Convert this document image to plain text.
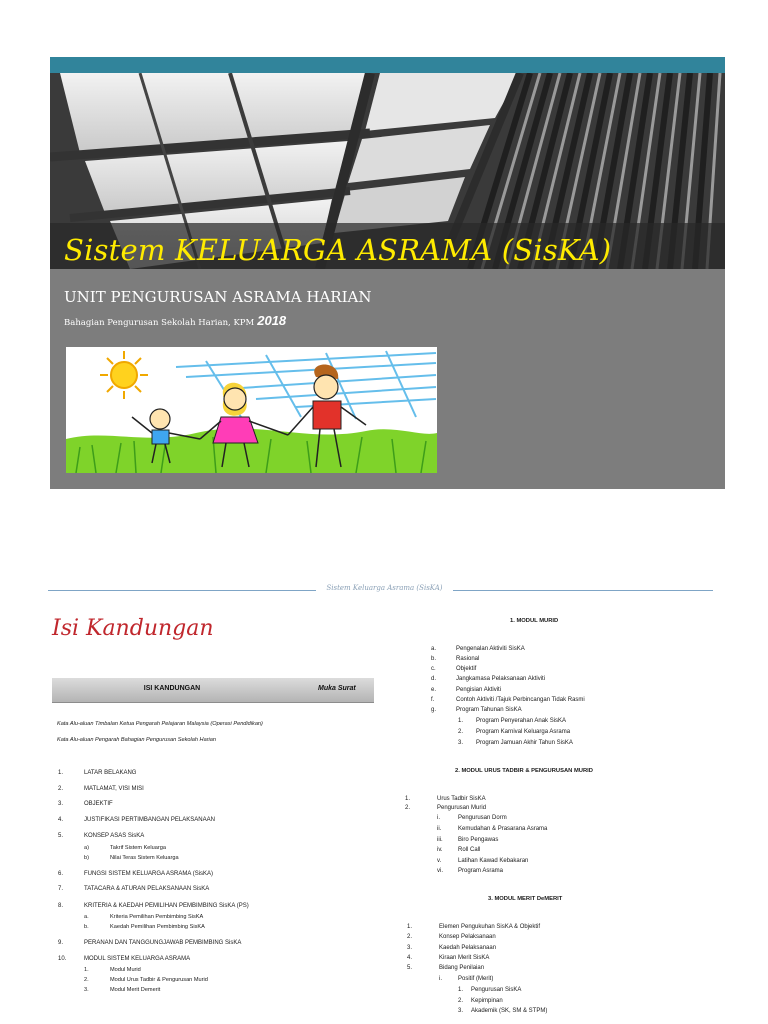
Sistem KELUARGA ASRAMA (SisKA)
UNIT PENGURUSAN ASRAMA HARIAN
Bahagian Pengurusan Sekolah Harian, KPM 2018
Sistem Keluarga Asrama (SisKA)
Isi Kandungan
ISI KANDUNGAN	Muka Surat
Kata Alu-aluan Timbalan Ketua Pengarah Pelajaran Malaysia (Operasi Pendidikan)
Kata Alu-aluan Pengarah Bahagian Pengurusan Sekolah Harian
1.	LATAR BELAKANG
2.	MATLAMAT, VISI MISI
3.	OBJEKTIF
4.	JUSTIFIKASI PERTIMBANGAN PELAKSANAAN
5.	KONSEP ASAS SisKA
a)	Takrif Sistem Keluarga
b)	Nilai Teras Sistem Keluarga
6.	FUNGSI SISTEM KELUARGA ASRAMA (SisKA)
7.	TATACARA & ATURAN PELAKSANAAN SisKA
8.	KRITERIA & KAEDAH PEMILIHAN PEMBIMBING SisKA (PS)
a.	Kriteria Pemilihan Pembimbing SisKA
b.	Kaedah Pemilihan Pembimbing SisKA
9.	PERANAN DAN TANGGUNGJAWAB PEMBIMBING SisKA
10.	MODUL SISTEM KELUARGA ASRAMA
1.	Modul Murid
2.	Modul Urus Tadbir & Pengurusan Murid
3.	Modul Merit Demerit
1. MODUL MURID
a.	Pengenalan Aktiviti SisKA
b.	Rasional
c.	Objektif
d.	Jangkamasa Pelaksanaan Aktiviti
e.	Pengisian Aktiviti
f.	Contoh Aktiviti /Tajuk Perbincangan Tidak Rasmi
g.	Program Tahunan SisKA
1. Program Penyerahan Anak SisKA
2. Program Karnival Keluarga Asrama
3. Program Jamuan Akhir Tahun SisKA
2. MODUL URUS TADBIR & PENGURUSAN MURID
1.	Urus Tadbir SisKA
2.	Pengurusan Murid
i.	Pengurusan Dorm
ii.	Kemudahan & Prasarana Asrama
iii.	Biro Pengawas
iv.	Roll Call
v.	Latihan Kawad Kebakaran
vi.	Program Asrama
3. MODUL MERIT DeMERIT
1.	Elemen Pengukuhan SisKA & Objektif
2.	Konsep Pelaksanaan
3.	Kaedah Pelaksanaan
4.	Kiraan Merit SisKA
5.	Bidang Penilaian
i.	Positif (Merit)
1. Pengurusan SisKA
2. Kepimpinan
3. Akademik (SK, SM & STPM)
